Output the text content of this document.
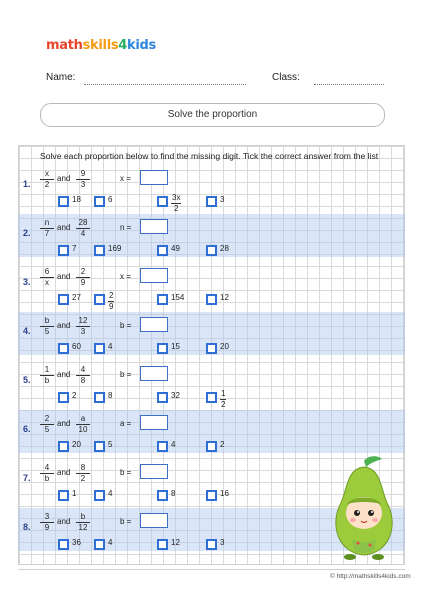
mathskills4kids
Name:	Class:
Solve the proportion
Solve each proportion below to find the missing digit. Tick the correct answer from the list
1. $\frac{x}{2}$ and $\frac{9}{3}$	x =
18	6	$\frac{3x}{2}$	3
2. $\frac{n}{7}$ and $\frac{28}{4}$	n =
7	169	49	28
3. $\frac{6}{x}$ and $\frac{2}{9}$	x =
27	$\frac{2}{9}$	154	12
4. $\frac{b}{5}$ and $\frac{12}{3}$	b =
60	4	15	20
5. $\frac{1}{b}$ and $\frac{4}{8}$	b =
2	8	32	$\frac{1}{2}$
6. $\frac{2}{5}$ and $\frac{a}{10}$	a =
20	5	4	2
7. $\frac{4}{b}$ and $\frac{8}{2}$	b =
1	4	8	16
8. $\frac{3}{9}$ and $\frac{b}{12}$	b =
36	4	12	3
© http://mathskills4kids.com
